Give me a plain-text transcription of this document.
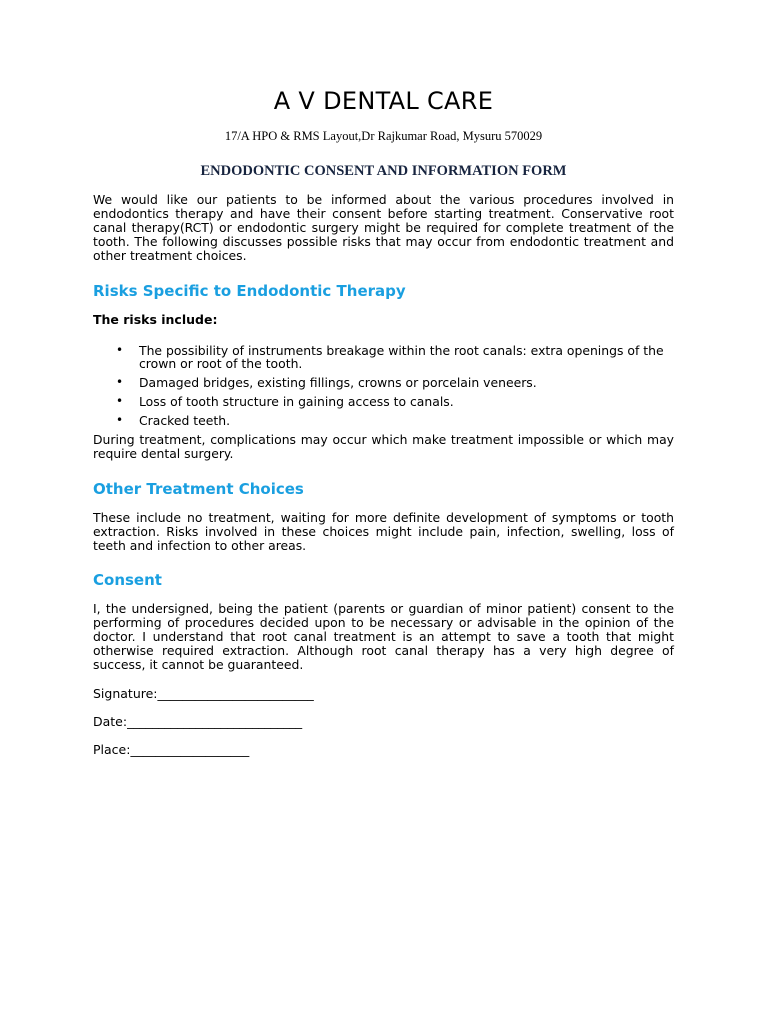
A V DENTAL CARE
17/A HPO & RMS Layout,Dr Rajkumar Road, Mysuru 570029
ENDODONTIC CONSENT AND INFORMATION FORM

We would like our patients to be informed about the various procedures involved in endodontics therapy and have their consent before starting treatment. Conservative root canal therapy(RCT) or endodontic surgery might be required for complete treatment of the tooth. The following discusses possible risks that may occur from endodontic treatment and other treatment choices.

Risks Specific to Endodontic Therapy

The risks include:

• The possibility of instruments breakage within the root canals: extra openings of the crown or root of the tooth.
• Damaged bridges, existing fillings, crowns or porcelain veneers.
• Loss of tooth structure in gaining access to canals.
• Cracked teeth.

During treatment, complications may occur which make treatment impossible or which may require dental surgery.

Other Treatment Choices

These include no treatment, waiting for more definite development of symptoms or tooth extraction. Risks involved in these choices might include pain, infection, swelling, loss of teeth and infection to other areas.

Consent

I, the undersigned, being the patient (parents or guardian of minor patient) consent to the performing of procedures decided upon to be necessary or advisable in the opinion of the doctor. I understand that root canal treatment is an attempt to save a tooth that might otherwise required extraction. Although root canal therapy has a very high degree of success, it cannot be guaranteed.

Signature:_________________________

Date:____________________________

Place:___________________
